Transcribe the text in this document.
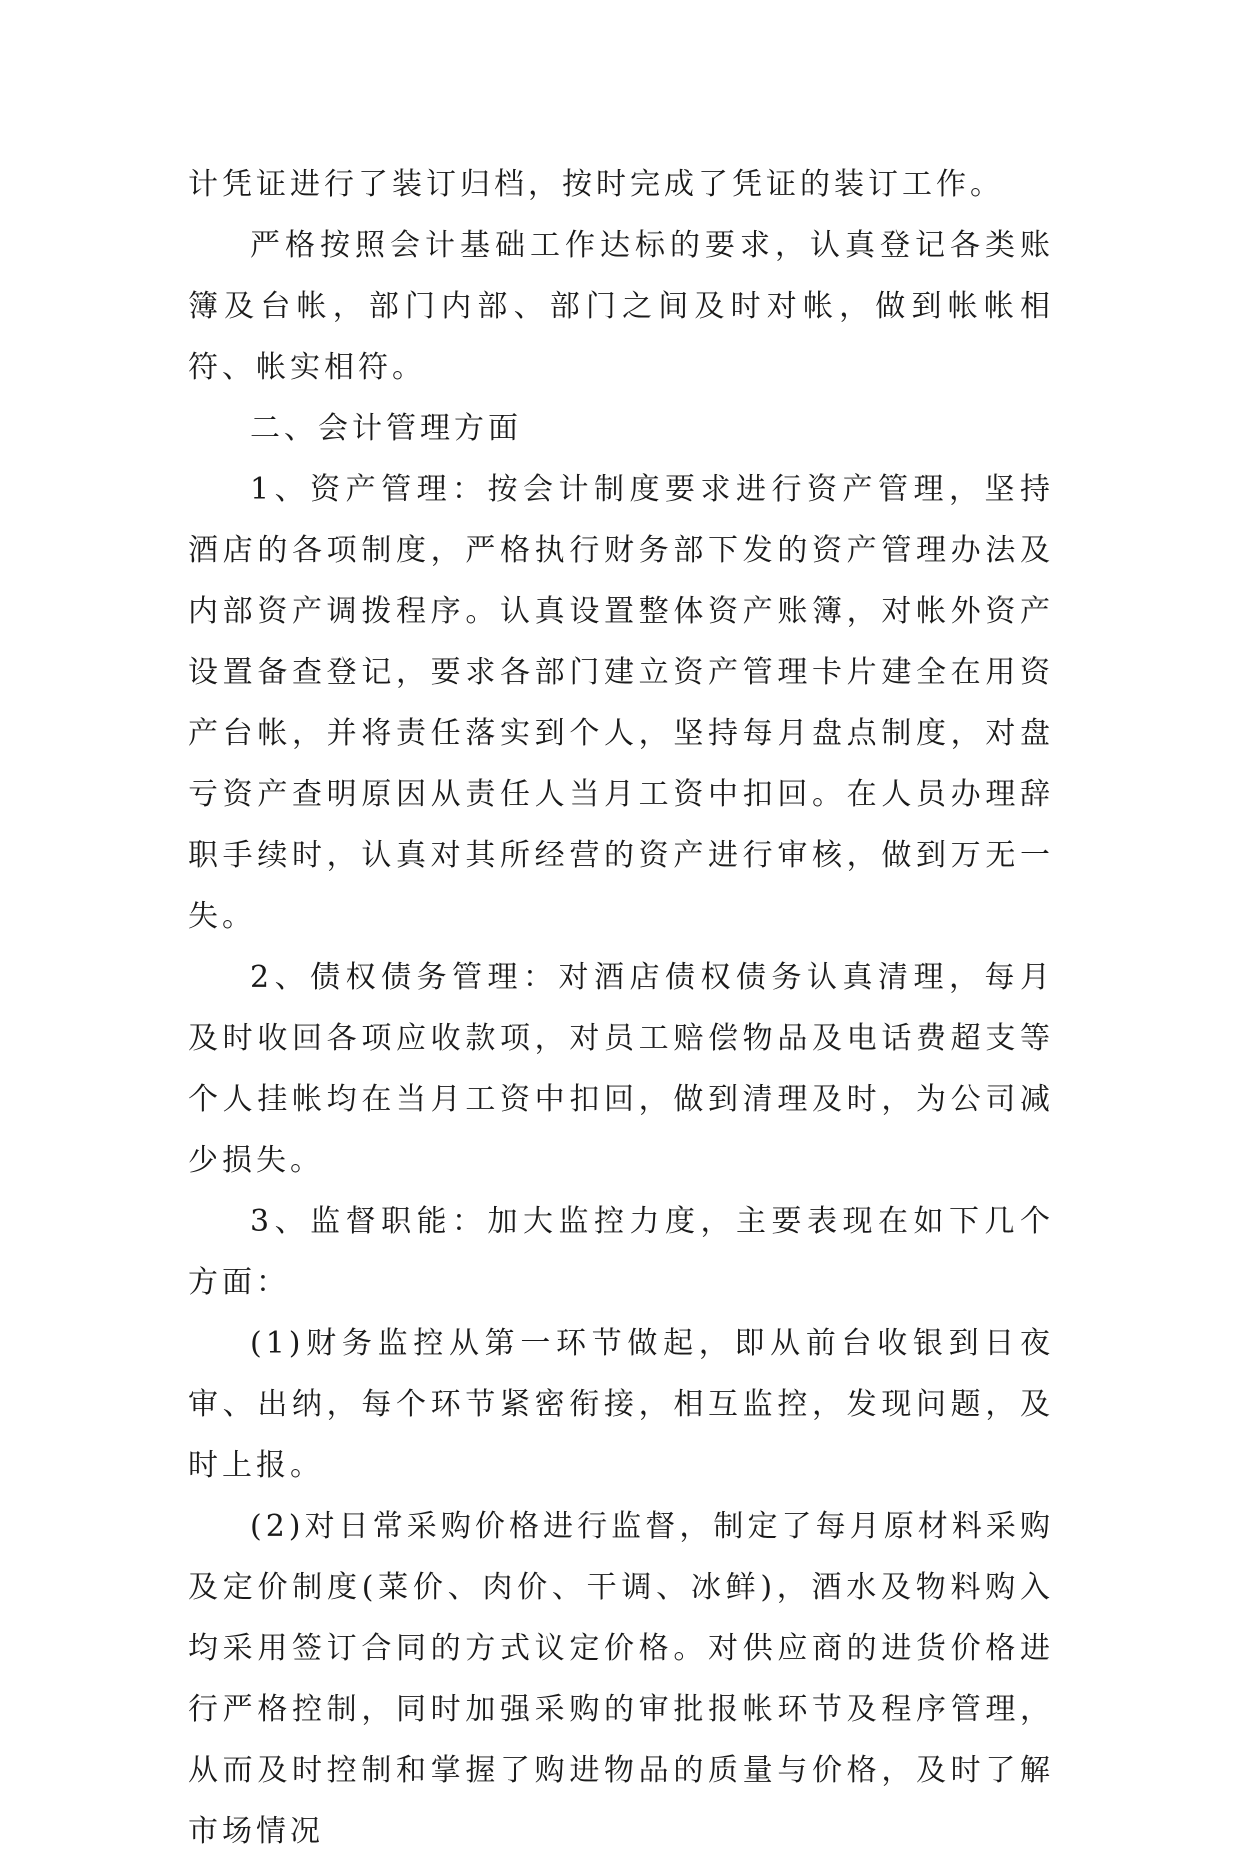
计凭证进行了装订归档，按时完成了凭证的装订工作。

严格按照会计基础工作达标的要求，认真登记各类账簿及台帐，部门内部、部门之间及时对帐，做到帐帐相符、帐实相符。

二、会计管理方面

1、资产管理：按会计制度要求进行资产管理，坚持酒店的各项制度，严格执行财务部下发的资产管理办法及内部资产调拨程序。认真设置整体资产账簿，对帐外资产设置备查登记，要求各部门建立资产管理卡片建全在用资产台帐，并将责任落实到个人，坚持每月盘点制度，对盘亏资产查明原因从责任人当月工资中扣回。在人员办理辞职手续时，认真对其所经营的资产进行审核，做到万无一失。

2、债权债务管理：对酒店债权债务认真清理，每月及时收回各项应收款项，对员工赔偿物品及电话费超支等个人挂帐均在当月工资中扣回，做到清理及时，为公司减少损失。

3、监督职能：加大监控力度，主要表现在如下几个方面：

(1)财务监控从第一环节做起，即从前台收银到日夜审、出纳，每个环节紧密衔接，相互监控，发现问题，及时上报。

(2)对日常采购价格进行监督，制定了每月原材料采购及定价制度(菜价、肉价、干调、冰鲜)，酒水及物料购入均采用签订合同的方式议定价格。对供应商的进货价格进行严格控制，同时加强采购的审批报帐环节及程序管理，从而及时控制和掌握了购进物品的质量与价格，及时了解市场情况
